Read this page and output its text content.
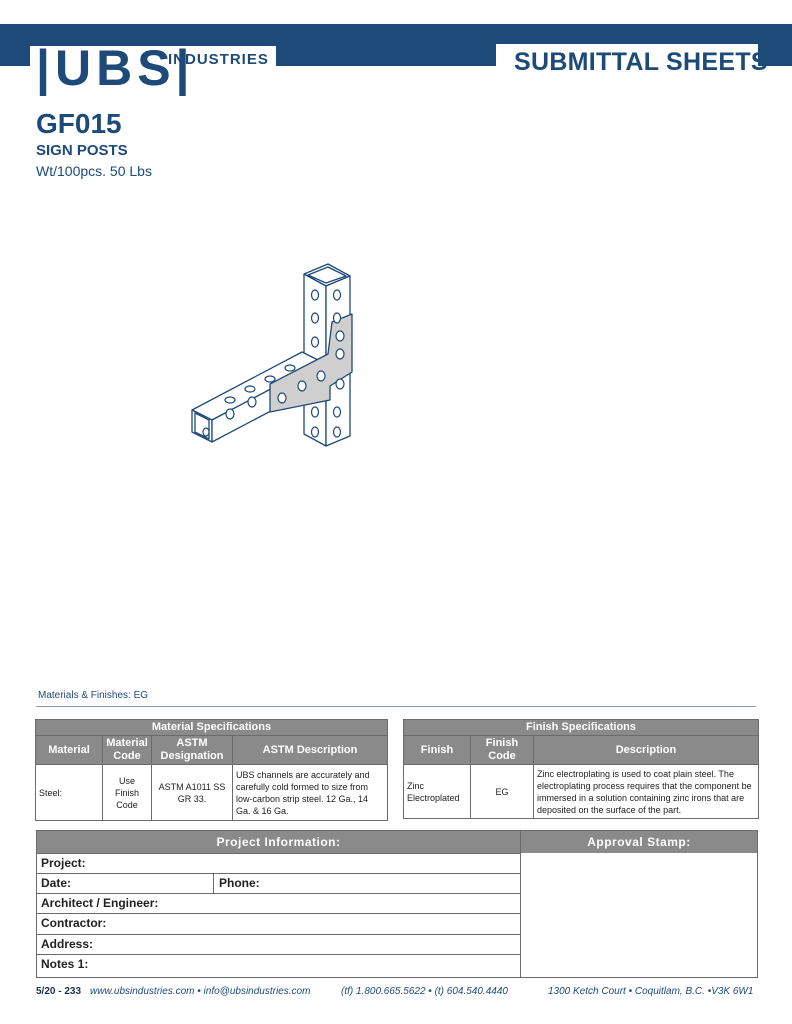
|UBS|
INDUSTRIES	SUBMITTAL SHEETS
GF015
SIGN POSTS
Wt/100pcs. 50 Lbs
Materials & Finishes: EG
Material Specifications			
Material	Material Code	ASTM Designation	ASTM Description
Steel:	Use Finish Code	ASTM A1011 SS GR 33.	UBS channels are accurately and carefully cold formed to size from low-carbon strip steel. 12 Ga., 14 Ga. & 16 Ga.
Finish Specifications		
Finish	Finish Code	Description
Zinc Electroplated	EG	Zinc electroplating is used to coat plain steel. The electroplating process requires that the component be immersed in a solution containing zinc irons that are deposited on the surface of the part.
Project Information:
Project:
Date:	Phone:
Architect / Engineer:
Contractor:
Address:
Notes 1:
Approval Stamp:
5/20 - 233 www.ubsindustries.com • info@ubsindustries.com	(tf) 1.800.665.5622 • (t) 604.540.4440	1300 Ketch Court • Coquitlam, B.C. •V3K 6W1
